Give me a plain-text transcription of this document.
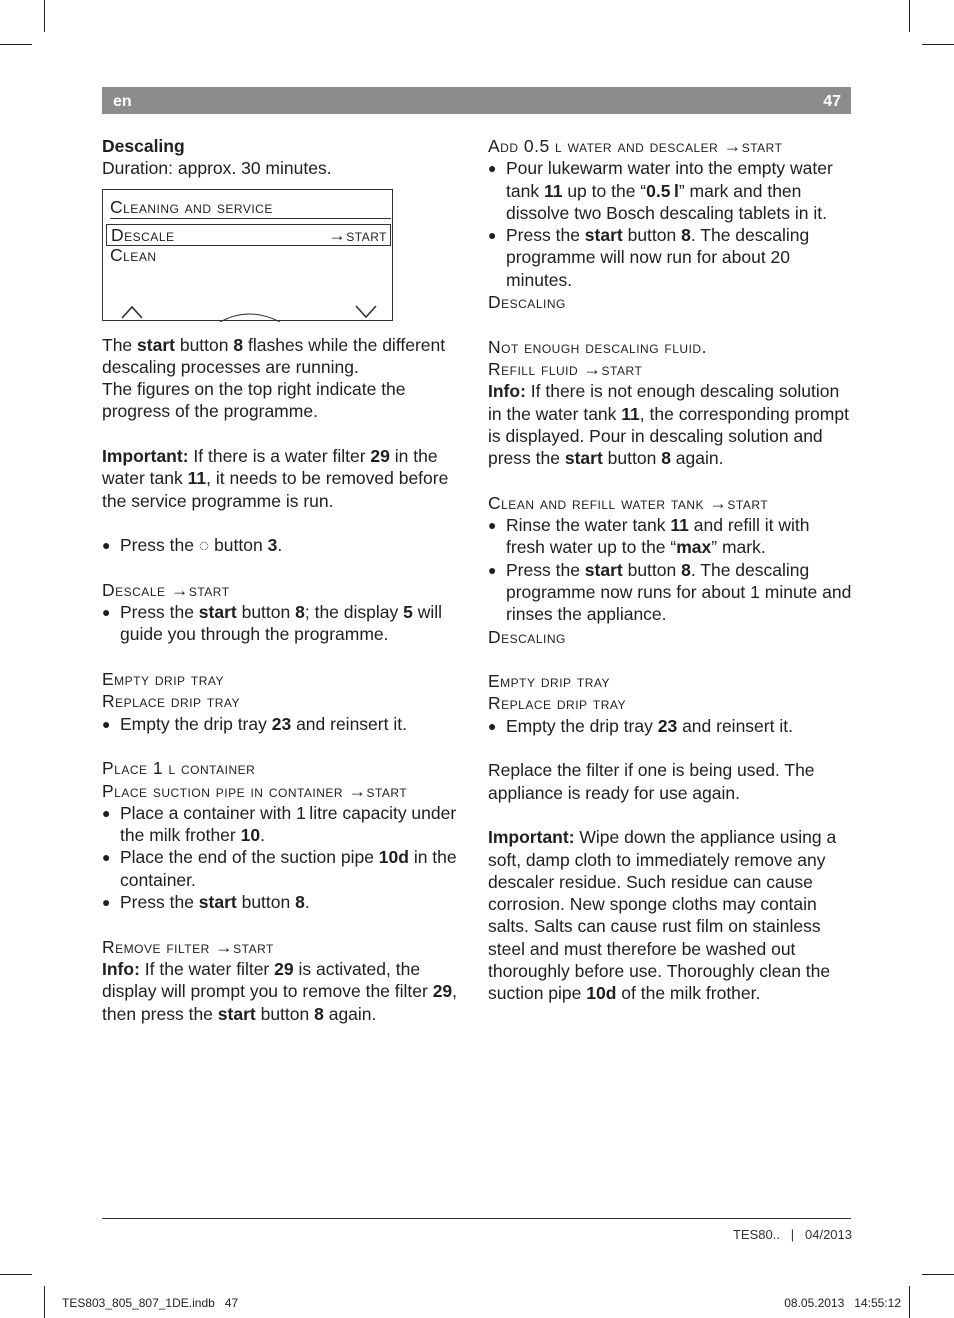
en	47

Descaling

Duration: approx. 30 minutes.

Cleaning and service
Descale	→start
Clean

The start button 8 flashes while the different descaling processes are running.

The figures on the top right indicate the progress of the programme.

Important: If there is a water filter 29 in the water tank 11, it needs to be removed before the service programme is run.

● Press the ◌ button 3.

Descale →start

● Press the start button 8; the display 5 will guide you through the programme.

Empty drip tray

Replace drip tray

● Empty the drip tray 23 and reinsert it.

Place 1 l container

Place suction pipe in container →start

● Place a container with 1 litre capacity under the milk frother 10.

● Place the end of the suction pipe 10d in the container.

● Press the start button 8.

Remove filter →start

Info: If the water filter 29 is activated, the display will prompt you to remove the filter 29, then press the start button 8 again.

Add 0.5 l water and descaler →start

● Pour lukewarm water into the empty water tank 11 up to the “0.5 l” mark and then dissolve two Bosch descaling tablets in it.

● Press the start button 8. The descaling programme will now run for about 20 minutes.

Descaling

Not enough descaling fluid.

Refill fluid →start

Info: If there is not enough descaling solution in the water tank 11, the corresponding prompt is displayed. Pour in descaling solution and press the start button 8 again.

Clean and refill water tank →start

● Rinse the water tank 11 and refill it with fresh water up to the “max” mark.

● Press the start button 8. The descaling programme now runs for about 1 minute and rinses the appliance.

Descaling

Empty drip tray

Replace drip tray

● Empty the drip tray 23 and reinsert it.

Replace the filter if one is being used. The appliance is ready for use again.

Important: Wipe down the appliance using a soft, damp cloth to immediately remove any descaler residue. Such residue can cause corrosion. New sponge cloths may contain salts. Salts can cause rust film on stainless steel and must therefore be washed out thoroughly before use. Thoroughly clean the suction pipe 10d of the milk frother.

TES80..   |   04/2013
TES803_805_807_1DE.indb   47	08.05.2013   14:55:12
